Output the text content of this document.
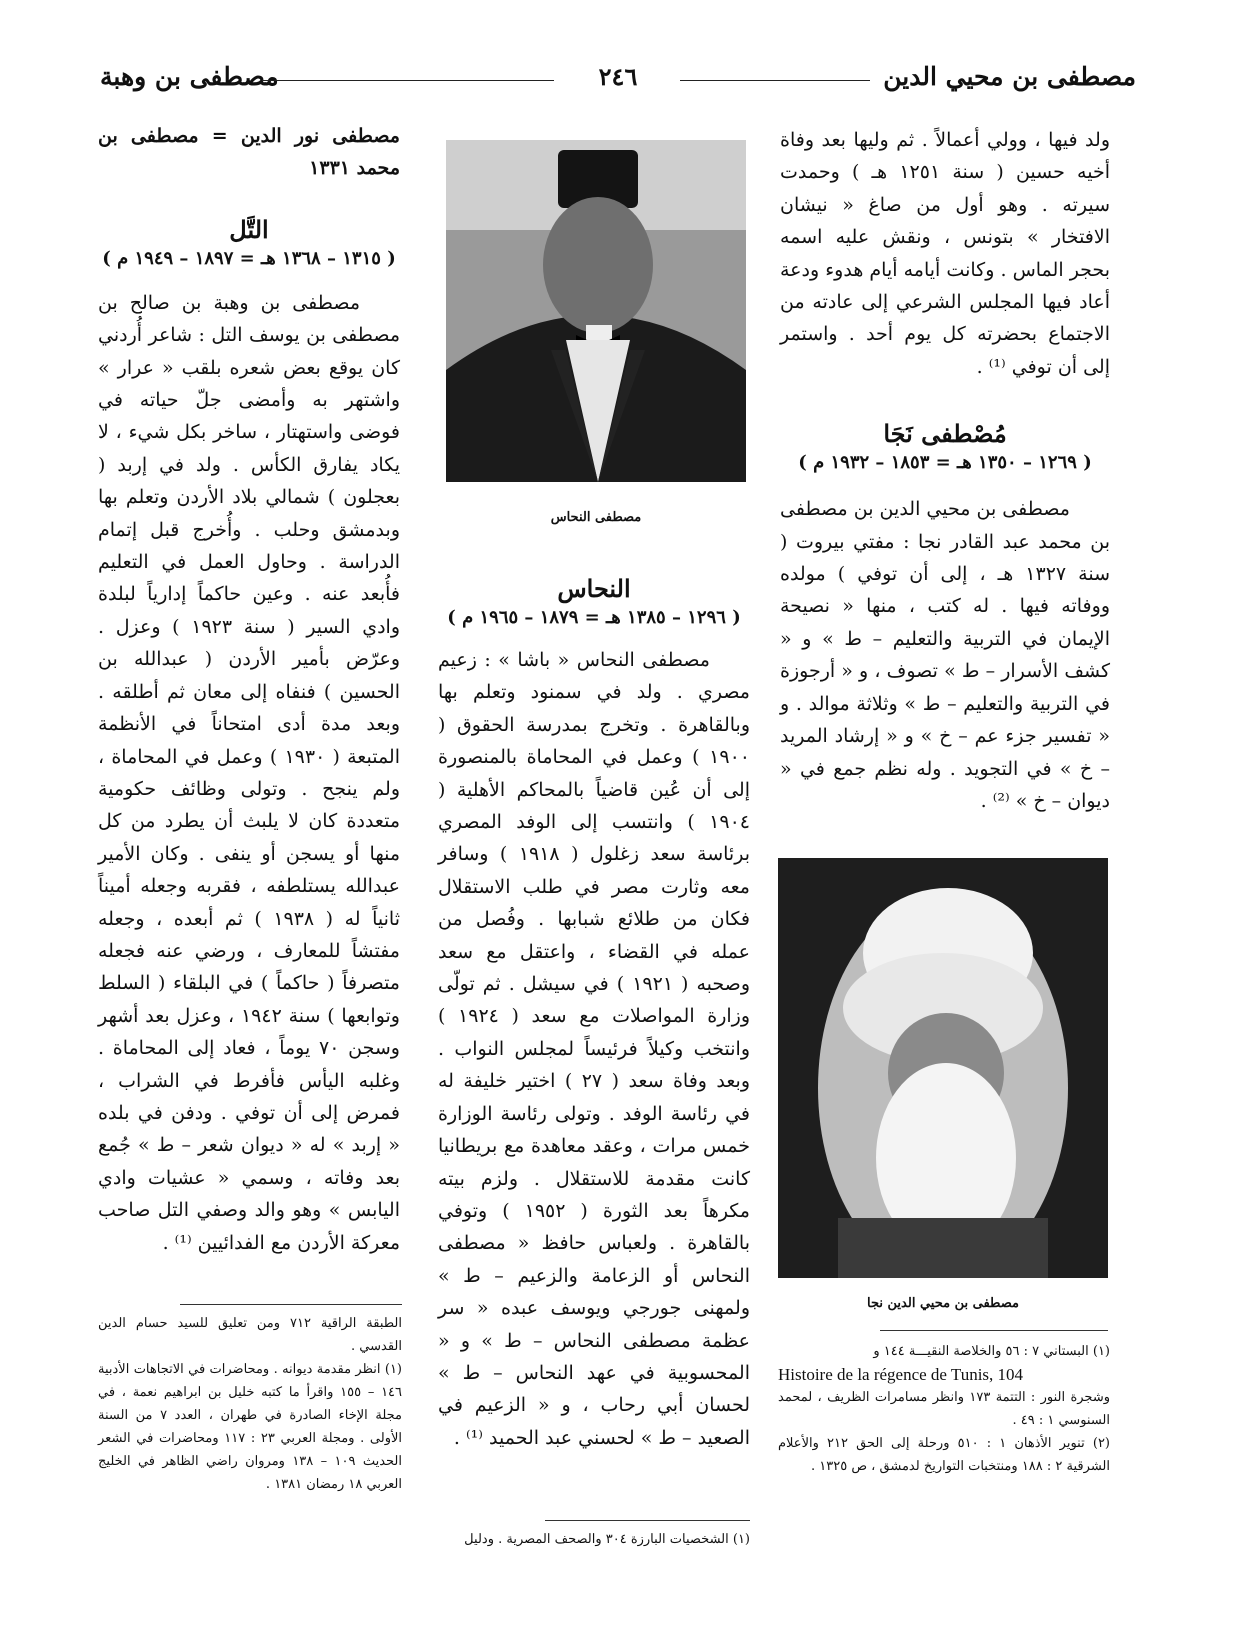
مصطفى بن محيي الدين
٢٤٦
مصطفى بن وهبة

ولد فيها ، وولي أعمالاً . ثم وليها بعد وفاة أخيه حسين ( سنة ١٢٥١ هـ ) وحمدت سيرته . وهو أول من صاغ « نيشان الافتخار » بتونس ، ونقش عليه اسمه بحجر الماس . وكانت أيامه أيام هدوء ودعة أعاد فيها المجلس الشرعي إلى عادته من الاجتماع بحضرته كل يوم أحد . واستمر إلى أن توفي ⁽¹⁾ .

مُصْطفى نَجَا

( ١٢٦٩ – ١٣٥٠ هـ = ١٨٥٣ – ١٩٣٢ م )

مصطفى بن محيي الدين بن مصطفى بن محمد عبد القادر نجا : مفتي بيروت ( سنة ١٣٢٧ هـ ، إلى أن توفي ) مولده ووفاته فيها . له كتب ، منها « نصيحة الإيمان في التربية والتعليم – ط » و « كشف الأسرار – ط » تصوف ، و « أرجوزة في التربية والتعليم – ط » وثلاثة موالد . و « تفسير جزء عم – خ » و « إرشاد المريد – خ » في التجويد . وله نظم جمع في « ديوان – خ » ⁽²⁾ .

مصطفى بن محيي الدين نجا

(١) البستاني ٧ : ٥٦ والخلاصة النقيـــة ١٤٤ و

Histoire de la régence de Tunis, 104

وشجرة النور : التتمة ١٧٣ وانظر مسامرات الظريف ، لمحمد السنوسي ١ : ٤٩ .

(٢) تنوير الأذهان ١ : ٥١٠ ورحلة إلى الحق ٢١٢ والأعلام الشرقية ٢ : ١٨٨ ومنتخبات التواريخ لدمشق ، ص ١٣٢٥ .

مصطفى النحاس

النحاس

( ١٢٩٦ – ١٣٨٥ هـ = ١٨٧٩ – ١٩٦٥ م )

مصطفى النحاس « باشا » : زعيم مصري . ولد في سمنود وتعلم بها وبالقاهرة . وتخرج بمدرسة الحقوق ( ١٩٠٠ ) وعمل في المحاماة بالمنصورة إلى أن عُين قاضياً بالمحاكم الأهلية ( ١٩٠٤ ) وانتسب إلى الوفد المصري برئاسة سعد زغلول ( ١٩١٨ ) وسافر معه وثارت مصر في طلب الاستقلال فكان من طلائع شبابها . وفُصل من عمله في القضاء ، واعتقل مع سعد وصحبه ( ١٩٢١ ) في سيشل . ثم تولّى وزارة المواصلات مع سعد ( ١٩٢٤ ) وانتخب وكيلاً فرئيساً لمجلس النواب . وبعد وفاة سعد ( ٢٧ ) اختير خليفة له في رئاسة الوفد . وتولى رئاسة الوزارة خمس مرات ، وعقد معاهدة مع بريطانيا كانت مقدمة للاستقلال . ولزم بيته مكرهاً بعد الثورة ( ١٩٥٢ ) وتوفي بالقاهرة . ولعباس حافظ « مصطفى النحاس أو الزعامة والزعيم – ط » ولمهنى جورجي ويوسف عبده « سر عظمة مصطفى النحاس – ط » و « المحسوبية في عهد النحاس – ط » لحسان أبي رحاب ، و « الزعيم في الصعيد – ط » لحسني عبد الحميد ⁽¹⁾ .

(١) الشخصيات البارزة ٣٠٤ والصحف المصرية . ودليل

مصطفى نور الدين = مصطفى بن محمد ١٣٣١

التَّل

( ١٣١٥ – ١٣٦٨ هـ = ١٨٩٧ – ١٩٤٩ م )

مصطفى بن وهبة بن صالح بن مصطفى بن يوسف التل : شاعر أُردني كان يوقع بعض شعره بلقب « عرار » واشتهر به وأمضى جلّ حياته في فوضى واستهتار ، ساخر بكل شيء ، لا يكاد يفارق الكأس . ولد في إربد ( بعجلون ) شمالي بلاد الأردن وتعلم بها وبدمشق وحلب . وأُخرج قبل إتمام الدراسة . وحاول العمل في التعليم فأُبعد عنه . وعين حاكماً إدارياً لبلدة وادي السير ( سنة ١٩٢٣ ) وعزل . وعرّض بأمير الأردن ( عبدالله بن الحسين ) فنفاه إلى معان ثم أطلقه . وبعد مدة أدى امتحاناً في الأنظمة المتبعة ( ١٩٣٠ ) وعمل في المحاماة ، ولم ينجح . وتولى وظائف حكومية متعددة كان لا يلبث أن يطرد من كل منها أو يسجن أو ينفى . وكان الأمير عبدالله يستلطفه ، فقربه وجعله أميناً ثانياً له ( ١٩٣٨ ) ثم أبعده ، وجعله مفتشاً للمعارف ، ورضي عنه فجعله متصرفاً ( حاكماً ) في البلقاء ( السلط وتوابعها ) سنة ١٩٤٢ ، وعزل بعد أشهر وسجن ٧٠ يوماً ، فعاد إلى المحاماة . وغلبه اليأس فأفرط في الشراب ، فمرض إلى أن توفي . ودفن في بلده « إربد » له « ديوان شعر – ط » جُمع بعد وفاته ، وسمي « عشيات وادي اليابس » وهو والد وصفي التل صاحب معركة الأردن مع الفدائيين ⁽¹⁾ .

الطبقة الراقية ٧١٢ ومن تعليق للسيد حسام الدين القدسي .

(١) انظر مقدمة ديوانه . ومحاضرات في الاتجاهات الأدبية ١٤٦ – ١٥٥ واقرأ ما كتبه خليل بن ابراهيم نعمة ، في مجلة الإخاء الصادرة في طهران ، العدد ٧ من السنة الأولى . ومجلة العربي ٢٣ : ١١٧ ومحاضرات في الشعر الحديث ١٠٩ – ١٣٨ ومروان راضي الظاهر في الخليج العربي ١٨ رمضان ١٣٨١ .
